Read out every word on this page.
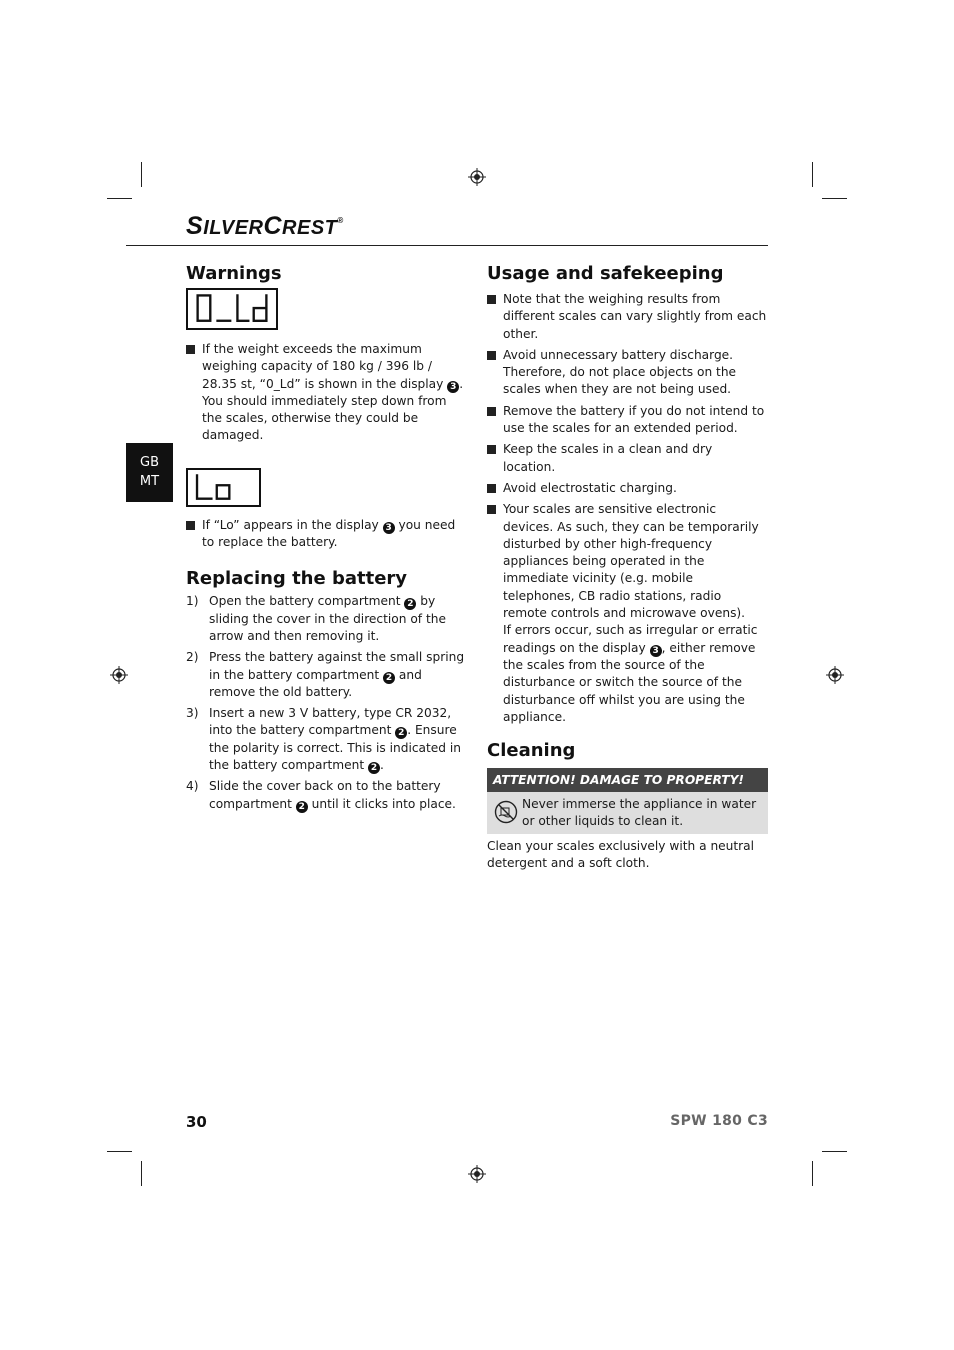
SILVERCREST®
GB
MT
Warnings
If the weight exceeds the maximum weighing capacity of 180 kg / 396 lb / 28.35 st, “0_Ld” is shown in the display 3 . You should immediately step down from the scales, otherwise they could be damaged.
If “Lo” appears in the display 3 you need to replace the battery.
Replacing the battery
1) Open the battery compartment 2 by sliding the cover in the direction of the arrow and then removing it.
2) Press the battery against the small spring in the battery compartment 2 and remove the old battery.
3) Insert a new 3 V battery, type CR 2032, into the battery compartment 2 . Ensure the polarity is correct. This is indicated in the battery compartment 2 .
4) Slide the cover back on to the battery compartment 2 until it clicks into place.
Usage and safekeeping
Note that the weighing results from different scales can vary slightly from each other.
Avoid unnecessary battery discharge. Therefore, do not place objects on the scales when they are not being used.
Remove the battery if you do not intend to use the scales for an extended period.
Keep the scales in a clean and dry location.
Avoid electrostatic charging.
Your scales are sensitive electronic devices. As such, they can be temporarily disturbed by other high-frequency appliances being operated in the immediate vicinity (e.g. mobile telephones, CB radio stations, radio remote controls and microwave ovens).
If errors occur, such as irregular or erratic readings on the display 3 , either remove the scales from the source of the disturbance or switch the source of the disturbance off whilst you are using the appliance.
Cleaning
ATTENTION! DAMAGE TO PROPERTY!
Never immerse the appliance in water or other liquids to clean it.
Clean your scales exclusively with a neutral detergent and a soft cloth.
30	SPW 180 C3
